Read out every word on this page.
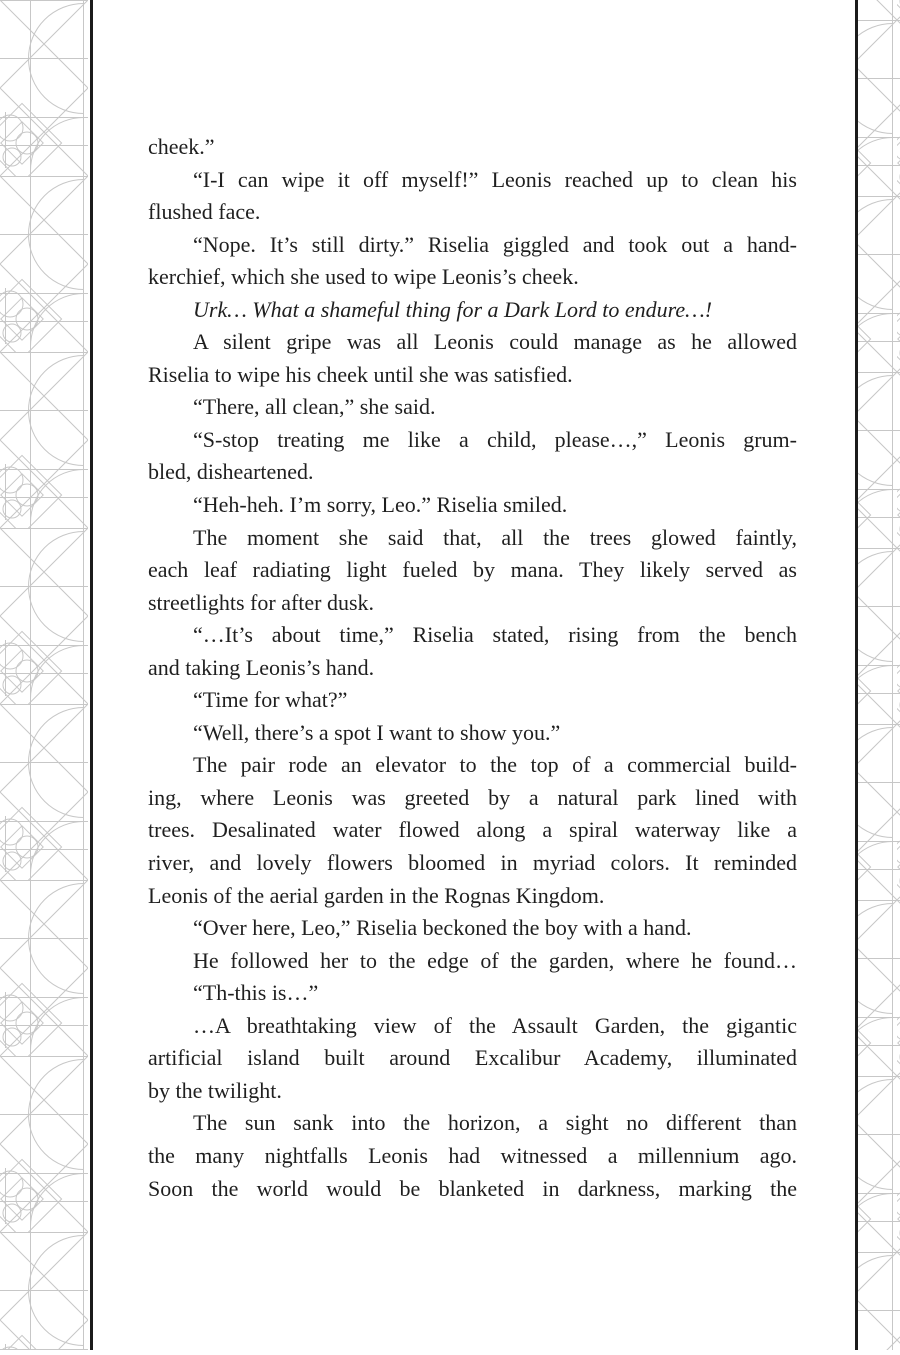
cheek.”
“I-I can wipe it off myself!” Leonis reached up to clean his
flushed face.
“Nope. It’s still dirty.” Riselia giggled and took out a hand-
kerchief, which she used to wipe Leonis’s cheek.
Urk… What a shameful thing for a Dark Lord to endure…!
A silent gripe was all Leonis could manage as he allowed
Riselia to wipe his cheek until she was satisfied.
“There, all clean,” she said.
“S-stop treating me like a child, please…,” Leonis grum-
bled, disheartened.
“Heh-heh. I’m sorry, Leo.” Riselia smiled.
The moment she said that, all the trees glowed faintly,
each leaf radiating light fueled by mana. They likely served as
streetlights for after dusk.
“…It’s about time,” Riselia stated, rising from the bench
and taking Leonis’s hand.
“Time for what?”
“Well, there’s a spot I want to show you.”
The pair rode an elevator to the top of a commercial build-
ing, where Leonis was greeted by a natural park lined with
trees. Desalinated water flowed along a spiral waterway like a
river, and lovely flowers bloomed in myriad colors. It reminded
Leonis of the aerial garden in the Rognas Kingdom.
“Over here, Leo,” Riselia beckoned the boy with a hand.
He followed her to the edge of the garden, where he found…
“Th-this is…”
…A breathtaking view of the Assault Garden, the gigantic
artificial island built around Excalibur Academy, illuminated
by the twilight.
The sun sank into the horizon, a sight no different than
the many nightfalls Leonis had witnessed a millennium ago.
Soon the world would be blanketed in darkness, marking the
